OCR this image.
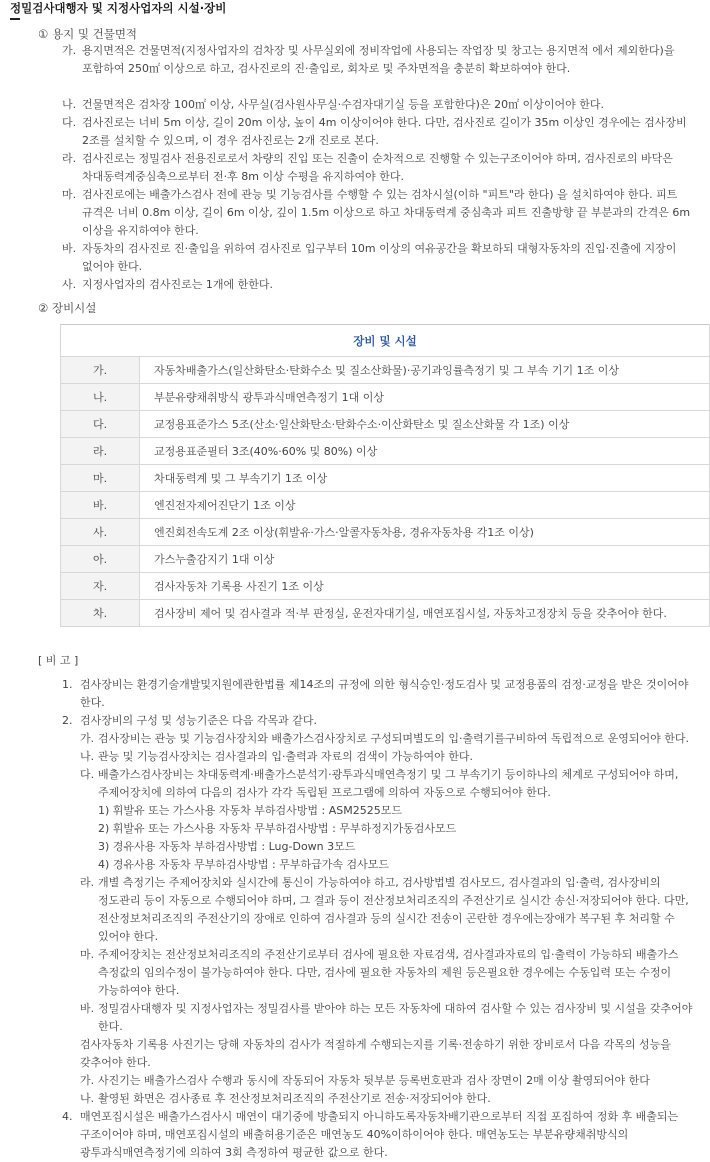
정밀검사대행자 및 지정사업자의 시설·장비
① 용지 및 건물면적
가. 용지면적은 건물면적(지정사업자의 검차장 및 사무실외에 정비작업에 사용되는 작업장 및 창고는 용지면적 에서 제외한다)을
포함하여 250㎡ 이상으로 하고, 검사진로의 진·출입로, 회차로 및 주차면적을 충분히 확보하여야 한다.
나. 건물면적은 검차장 100㎡ 이상, 사무실(검사원사무실·수검자대기실 등을 포함한다)은 20㎡ 이상이어야 한다.
다. 검사진로는 너비 5m 이상, 길이 20m 이상, 높이 4m 이상이어야 한다. 다만, 검사진로 길이가 35m 이상인 경우에는 검사장비
2조를 설치할 수 있으며, 이 경우 검사진로는 2개 진로로 본다.
라. 검사진로는 정밀검사 전용진로로서 차량의 진입 또는 진출이 순차적으로 진행할 수 있는구조이어야 하며, 검사진로의 바닥은
차대동력계중심축으로부터 전·후 8m 이상 수평을 유지하여야 한다.
마. 검사진로에는 배출가스검사 전에 관능 및 기능검사를 수행할 수 있는 검차시설(이하 "피트"라 한다) 을 설치하여야 한다. 피트
규격은 너비 0.8m 이상, 길이 6m 이상, 깊이 1.5m 이상으로 하고 차대동력계 중심축과 피트 진출방향 끝 부분과의 간격은 6m
이상을 유지하여야 한다.
바. 자동차의 검사진로 진·출입을 위하여 검사진로 입구부터 10m 이상의 여유공간을 확보하되 대형자동차의 진입·진출에 지장이
없어야 한다.
사. 지정사업자의 검사진로는 1개에 한한다.
② 장비시설
장비 및 시설	
가.	자동차배출가스(일산화탄소·탄화수소 및 질소산화물)·공기과잉률측정기 및 그 부속 기기 1조 이상
나.	부분유량채취방식 광투과식매연측정기 1대 이상
다.	교정용표준가스 5조(산소·일산화탄소·탄화수소·이산화탄소 및 질소산화물 각 1조) 이상
라.	교정용표준필터 3조(40%·60% 및 80%) 이상
마.	차대동력계 및 그 부속기기 1조 이상
바.	엔진전자제어진단기 1조 이상
사.	엔진회전속도계 2조 이상(휘발유·가스·알콜자동차용, 경유자동차용 각1조 이상)
아.	가스누출감지기 1대 이상
자.	검사자동차 기록용 사진기 1조 이상
차.	검사장비 제어 및 검사결과 적·부 판정실, 운전자대기실, 매연포집시설, 자동차고정장치 등을 갖추어야 한다.
[ 비 고 ]
1. 검사장비는 환경기술개발및지원에관한법률 제14조의 규정에 의한 형식승인·정도검사 및 교정용품의 검정·교정을 받은 것이어야
한다.
2. 검사장비의 구성 및 성능기준은 다음 각목과 같다.
가. 검사장비는 관능 및 기능검사장치와 배출가스검사장치로 구성되며별도의 입·출력기를구비하여 독립적으로 운영되어야 한다.
나. 관능 및 기능검사장치는 검사결과의 입·출력과 자료의 검색이 가능하여야 한다.
다. 배출가스검사장비는 차대동력계·배출가스분석기·광투과식매연측정기 및 그 부속기기 등이하나의 체계로 구성되어야 하며,
주제어장치에 의하여 다음의 검사가 각각 독립된 프로그램에 의하여 자동으로 수행되어야 한다.
1) 휘발유 또는 가스사용 자동차 부하검사방법 : ASM2525모드
2) 휘발유 또는 가스사용 자동차 무부하검사방법 : 무부하정지가동검사모드
3) 경유사용 자동차 부하검사방법 : Lug-Down 3모드
4) 경유사용 자동차 무부하검사방법 : 무부하급가속 검사모드
라. 개별 측정기는 주제어장치와 실시간에 통신이 가능하여야 하고, 검사방법별 검사모드, 검사결과의 입·출력, 검사장비의
정도관리 등이 자동으로 수행되어야 하며, 그 결과 등이 전산정보처리조직의 주전산기로 실시간 송신·저장되어야 한다. 다만,
전산정보처리조직의 주전산기의 장애로 인하여 검사결과 등의 실시간 전송이 곤란한 경우에는장애가 복구된 후 처리할 수
있어야 한다.
마. 주제어장치는 전산정보처리조직의 주전산기로부터 검사에 필요한 자료검색, 검사결과자료의 입·출력이 가능하되 배출가스
측정값의 임의수정이 불가능하여야 한다. 다만, 검사에 필요한 자동차의 제원 등은필요한 경우에는 수동입력 또는 수정이
가능하여야 한다.
바. 정밀검사대행자 및 지정사업자는 정밀검사를 받아야 하는 모든 자동차에 대하여 검사할 수 있는 검사장비 및 시설을 갖추어야
한다.
검사자동차 기록용 사진기는 당해 자동차의 검사가 적절하게 수행되는지를 기록·전송하기 위한 장비로서 다음 각목의 성능을
갖추어야 한다.
가. 사진기는 배출가스검사 수행과 동시에 작동되어 자동차 뒷부분 등록번호판과 검사 장면이 2매 이상 촬영되어야 한다
나. 촬영된 화면은 검사종료 후 전산정보처리조직의 주전산기로 전송·저장되어야 한다.
4. 매연포집시설은 배출가스검사시 매연이 대기중에 방출되지 아니하도록자동차배기관으로부터 직접 포집하여 정화 후 배출되는
구조이어야 하며, 매연포집시설의 배출허용기준은 매연농도 40%이하이어야 한다. 매연농도는 부분유량채취방식의
광투과식매연측정기에 의하여 3회 측정하여 평균한 값으로 한다.
